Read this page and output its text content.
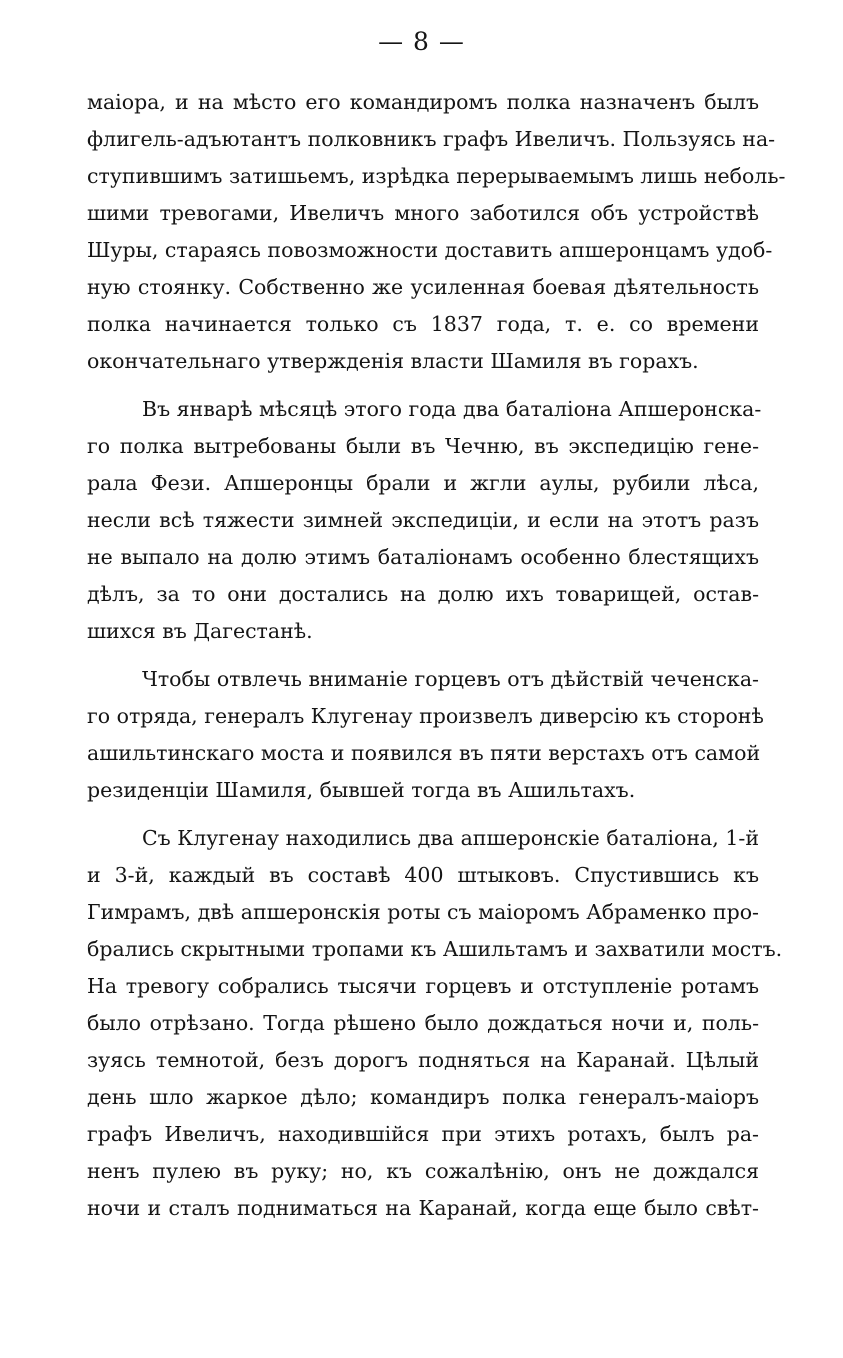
— 8 —
маіора, и на мѣсто его командиромъ полка назначенъ былъ
флигель-адъютантъ полковникъ графъ Ивеличъ. Пользуясь на-
ступившимъ затишьемъ, изрѣдка перерываемымъ лишь неболь-
шими тревогами, Ивеличъ много заботился объ устройствѣ
Шуры, стараясь повозможности доставить апшеронцамъ удоб-
ную стоянку. Собственно же усиленная боевая дѣятельность
полка начинается только съ 1837 года, т. е. со времени
окончательнаго утвержденія власти Шамиля въ горахъ.
Въ январѣ мѣсяцѣ этого года два баталіона Апшеронска-
го полка вытребованы были въ Чечню, въ экспедицію гене-
рала Фези. Апшеронцы брали и жгли аулы, рубили лѣса,
несли всѣ тяжести зимней экспедиціи, и если на этотъ разъ
не выпало на долю этимъ баталіонамъ особенно блестящихъ
дѣлъ, за то они достались на долю ихъ товарищей, остав-
шихся въ Дагестанѣ.
Чтобы отвлечь вниманіе горцевъ отъ дѣйствій чеченска-
го отряда, генералъ Клугенау произвелъ диверсію къ сторонѣ
ашильтинскаго моста и появился въ пяти верстахъ отъ самой
резиденціи Шамиля, бывшей тогда въ Ашильтахъ.
Съ Клугенау находились два апшеронскіе баталіона, 1-й
и 3-й, каждый въ составѣ 400 штыковъ. Спустившись къ
Гимрамъ, двѣ апшеронскія роты съ маіоромъ Абраменко про-
брались скрытными тропами къ Ашильтамъ и захватили мостъ.
На тревогу собрались тысячи горцевъ и отступленіе ротамъ
было отрѣзано. Тогда рѣшено было дождаться ночи и, поль-
зуясь темнотой, безъ дорогъ подняться на Каранай. Цѣлый
день шло жаркое дѣло; командиръ полка генералъ-маіоръ
графъ Ивеличъ, находившійся при этихъ ротахъ, былъ ра-
ненъ пулею въ руку; но, къ сожалѣнію, онъ не дождался
ночи и сталъ подниматься на Каранай, когда еще было свѣт-
